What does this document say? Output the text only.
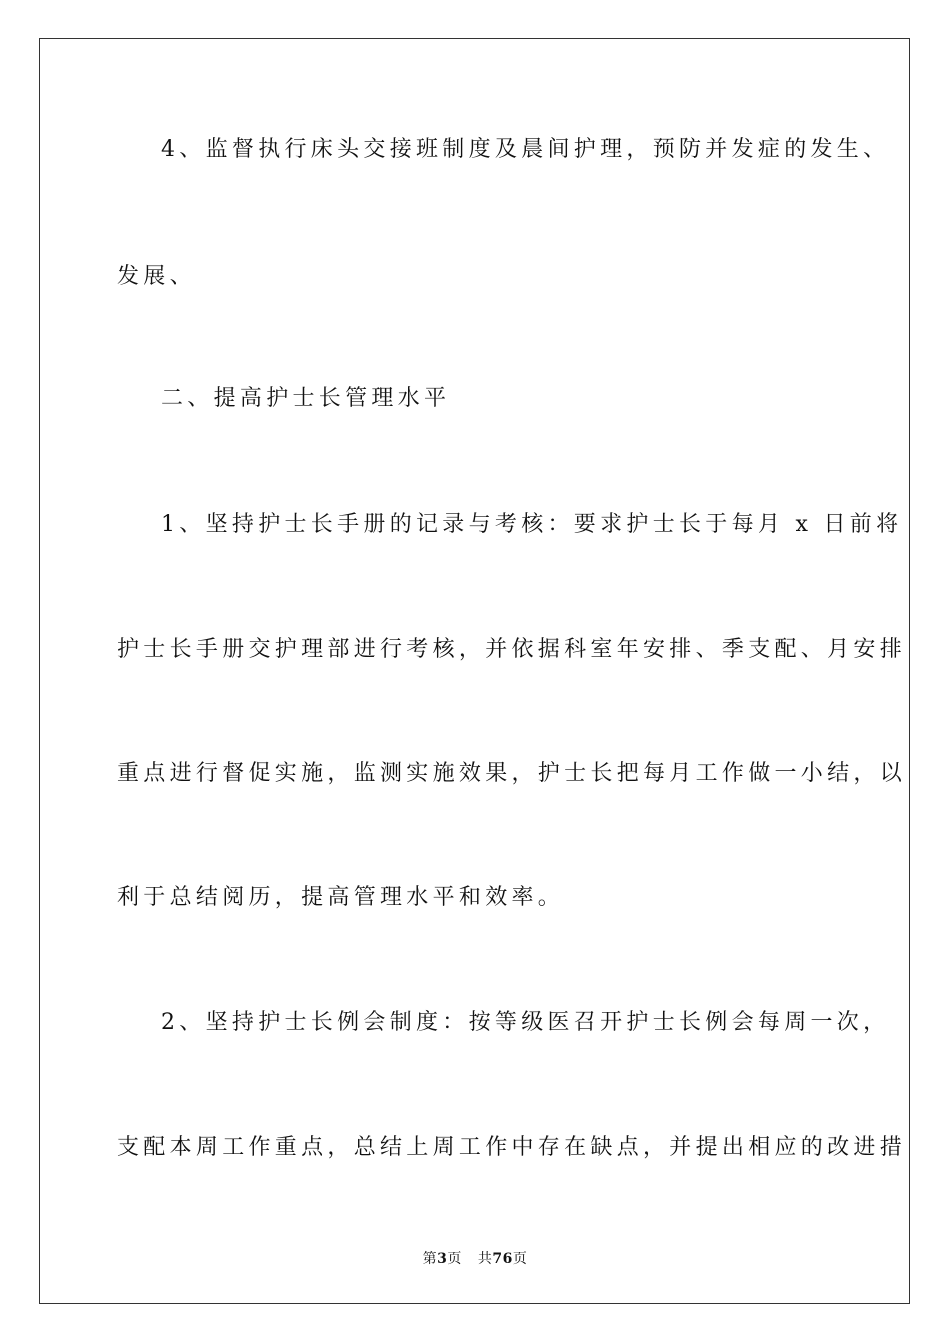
4、监督执行床头交接班制度及晨间护理，预防并发症的发生、
发展、
二、提高护士长管理水平
1、坚持护士长手册的记录与考核：要求护士长于每月 x 日前将
护士长手册交护理部进行考核，并依据科室年安排、季支配、月安排
重点进行督促实施，监测实施效果，护士长把每月工作做一小结，以
利于总结阅历，提高管理水平和效率。
2、坚持护士长例会制度：按等级医召开护士长例会每周一次，
支配本周工作重点，总结上周工作中存在缺点，并提出相应的改进措
第3页 共76页
